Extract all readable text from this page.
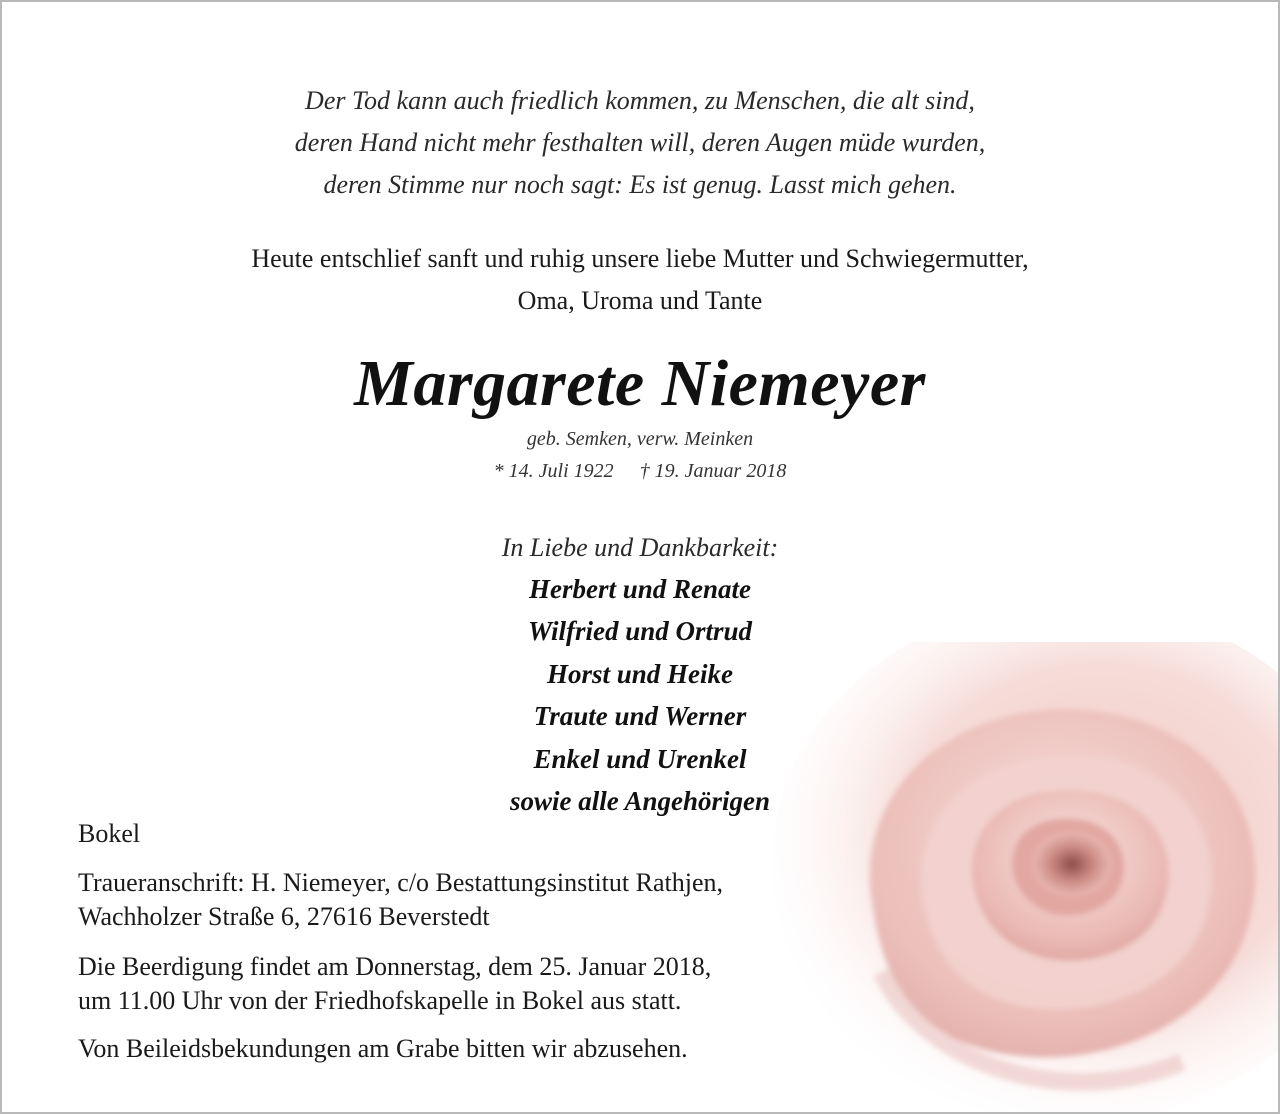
Der Tod kann auch friedlich kommen, zu Menschen, die alt sind,
deren Hand nicht mehr festhalten will, deren Augen müde wurden,
deren Stimme nur noch sagt: Es ist genug. Lasst mich gehen.
Heute entschlief sanft und ruhig unsere liebe Mutter und Schwiegermutter,
Oma, Uroma und Tante
Margarete Niemeyer
geb. Semken, verw. Meinken
* 14. Juli 1922 † 19. Januar 2018
In Liebe und Dankbarkeit:
Herbert und Renate
Wilfried und Ortrud
Horst und Heike
Traute und Werner
Enkel und Urenkel
sowie alle Angehörigen
Bokel
Traueranschrift: H. Niemeyer, c/o Bestattungsinstitut Rathjen,
Wachholzer Straße 6, 27616 Beverstedt
Die Beerdigung findet am Donnerstag, dem 25. Januar 2018,
um 11.00 Uhr von der Friedhofskapelle in Bokel aus statt.
Von Beileidsbekundungen am Grabe bitten wir abzusehen.
